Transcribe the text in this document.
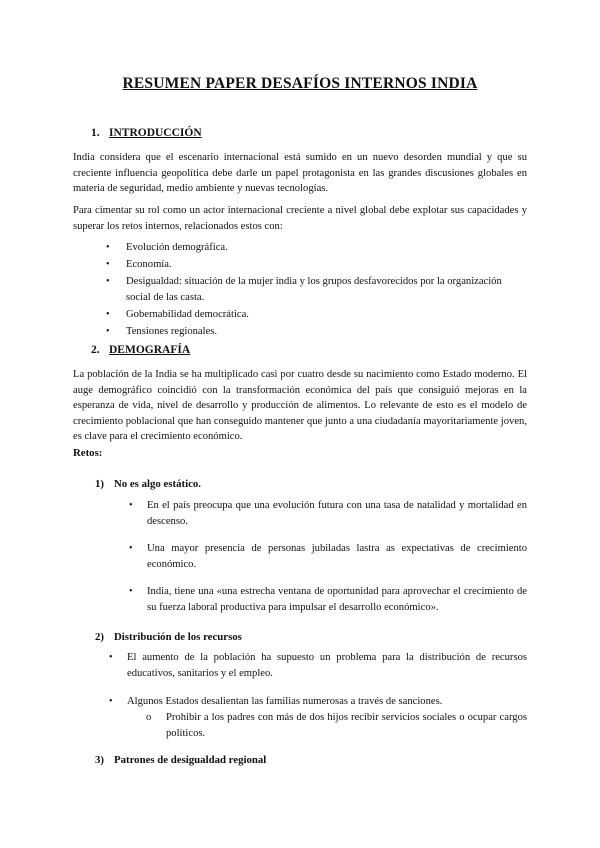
RESUMEN PAPER DESAFÍOS INTERNOS INDIA
1. INTRODUCCIÓN
India considera que el escenario internacional está sumido en un nuevo desorden mundial y que su creciente influencia geopolítica debe darle un papel protagonista en las grandes discusiones globales en materia de seguridad, medio ambiente y nuevas tecnologías.
Para cimentar su rol como un actor internacional creciente a nivel global debe explotar sus capacidades y superar los retos internos, relacionados estos con:
• Evolución demográfica.
• Economía.
• Desigualdad: situación de la mujer india y los grupos desfavorecidos por la organización social de las casta.
• Gobernabilidad democrática.
• Tensiones regionales.
2. DEMOGRAFÍA
La población de la India se ha multiplicado casi por cuatro desde su nacimiento como Estado moderno. El auge demográfico coincidió con la transformación económica del país que consiguió mejoras en la esperanza de vida, nivel de desarrollo y producción de alimentos. Lo relevante de esto es el modelo de crecimiento poblacional que han conseguido mantener que junto a una ciudadanía mayoritariamente joven, es clave para el crecimiento económico.
Retos:
1) No es algo estático.
• En el país preocupa que una evolución futura con una tasa de natalidad y mortalidad en descenso.
• Una mayor presencia de personas jubiladas lastra as expectativas de crecimiento económico.
• India, tiene una «una estrecha ventana de oportunidad para aprovechar el crecimiento de su fuerza laboral productiva para impulsar el desarrollo económico».
2) Distribución de los recursos
• El aumento de la población ha supuesto un problema para la distribución de recursos educativos, sanitarios y el empleo.
• Algunos Estados desalientan las familias numerosas a través de sanciones.
o Prohibir a los padres con más de dos hijos recibir servicios sociales o ocupar cargos políticos.
3) Patrones de desigualdad regional
